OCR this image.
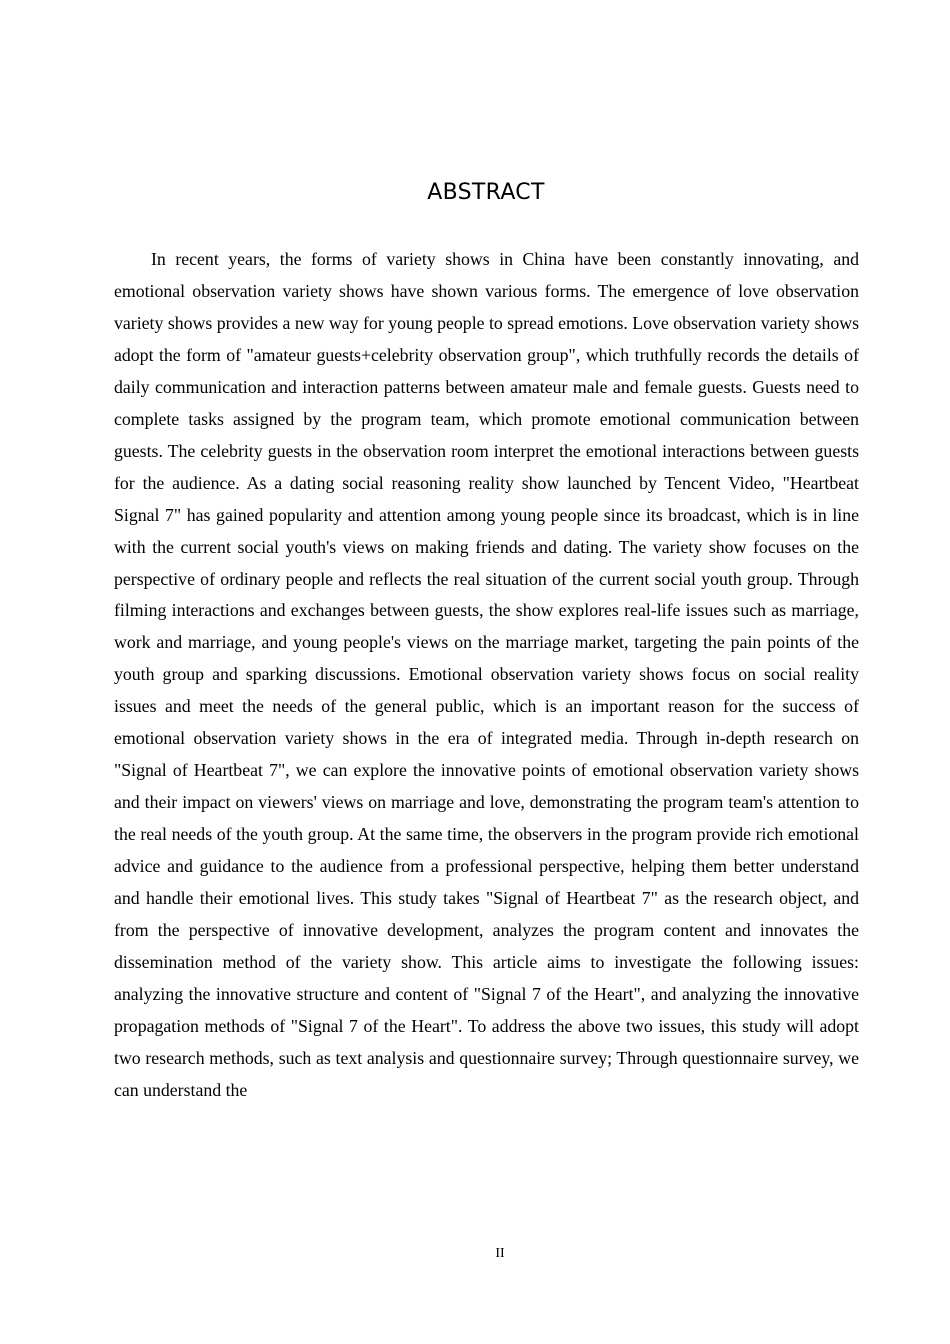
ABSTRACT

In recent years, the forms of variety shows in China have been constantly innovating, and emotional observation variety shows have shown various forms. The emergence of love observation variety shows provides a new way for young people to spread emotions. Love observation variety shows adopt the form of "amateur guests+celebrity observation group", which truthfully records the details of daily communication and interaction patterns between amateur male and female guests. Guests need to complete tasks assigned by the program team, which promote emotional communication between guests. The celebrity guests in the observation room interpret the emotional interactions between guests for the audience. As a dating social reasoning reality show launched by Tencent Video, "Heartbeat Signal 7" has gained popularity and attention among young people since its broadcast, which is in line with the current social youth's views on making friends and dating. The variety show focuses on the perspective of ordinary people and reflects the real situation of the current social youth group. Through filming interactions and exchanges between guests, the show explores real-life issues such as marriage, work and marriage, and young people's views on the marriage market, targeting the pain points of the youth group and sparking discussions. Emotional observation variety shows focus on social reality issues and meet the needs of the general public, which is an important reason for the success of emotional observation variety shows in the era of integrated media. Through in-depth research on "Signal of Heartbeat 7", we can explore the innovative points of emotional observation variety shows and their impact on viewers' views on marriage and love, demonstrating the program team's attention to the real needs of the youth group. At the same time, the observers in the program provide rich emotional advice and guidance to the audience from a professional perspective, helping them better understand and handle their emotional lives. This study takes "Signal of Heartbeat 7" as the research object, and from the perspective of innovative development, analyzes the program content and innovates the dissemination method of the variety show. This article aims to investigate the following issues: analyzing the innovative structure and content of "Signal 7 of the Heart", and analyzing the innovative propagation methods of "Signal 7 of the Heart". To address the above two issues, this study will adopt two research methods, such as text analysis and questionnaire survey; Through questionnaire survey, we can understand the

II
